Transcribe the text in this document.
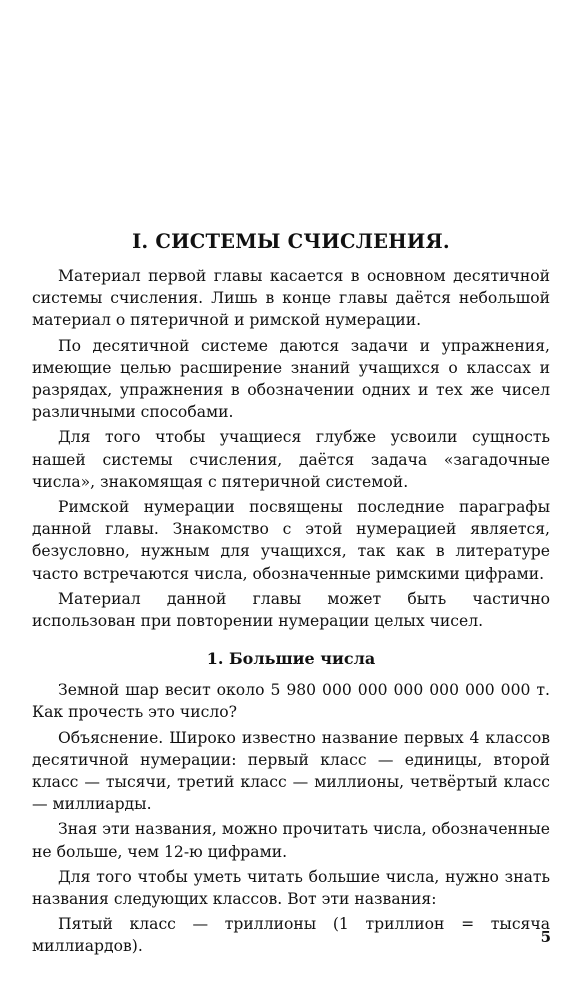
I. СИСТЕМЫ СЧИСЛЕНИЯ.

Материал первой главы касается в основном десятичной системы счисления. Лишь в конце главы даётся небольшой материал о пятеричной и римской нумерации.

По десятичной системе даются задачи и упражнения, имеющие целью расширение знаний учащихся о классах и разрядах, упражнения в обозначении одних и тех же чисел различными способами.

Для того чтобы учащиеся глубже усвоили сущность нашей системы счисления, даётся задача «загадочные числа», знакомящая с пятеричной системой.

Римской нумерации посвящены последние параграфы данной главы. Знакомство с этой нумерацией является, безусловно, нужным для учащихся, так как в литературе часто встречаются числа, обозначенные римскими цифрами.

Материал данной главы может быть частично использован при повторении нумерации целых чисел.

1. Большие числа

Земной шар весит около 5 980 000 000 000 000 000 000 т. Как прочесть это число?

Объяснение. Широко известно название первых 4 классов десятичной нумерации: первый класс — единицы, второй класс — тысячи, третий класс — миллионы, четвёртый класс — миллиарды.

Зная эти названия, можно прочитать числа, обозначенные не больше, чем 12-ю цифрами.

Для того чтобы уметь читать большие числа, нужно знать названия следующих классов. Вот эти названия:

Пятый класс — триллионы (1 триллион = тысяча миллиардов).

5
